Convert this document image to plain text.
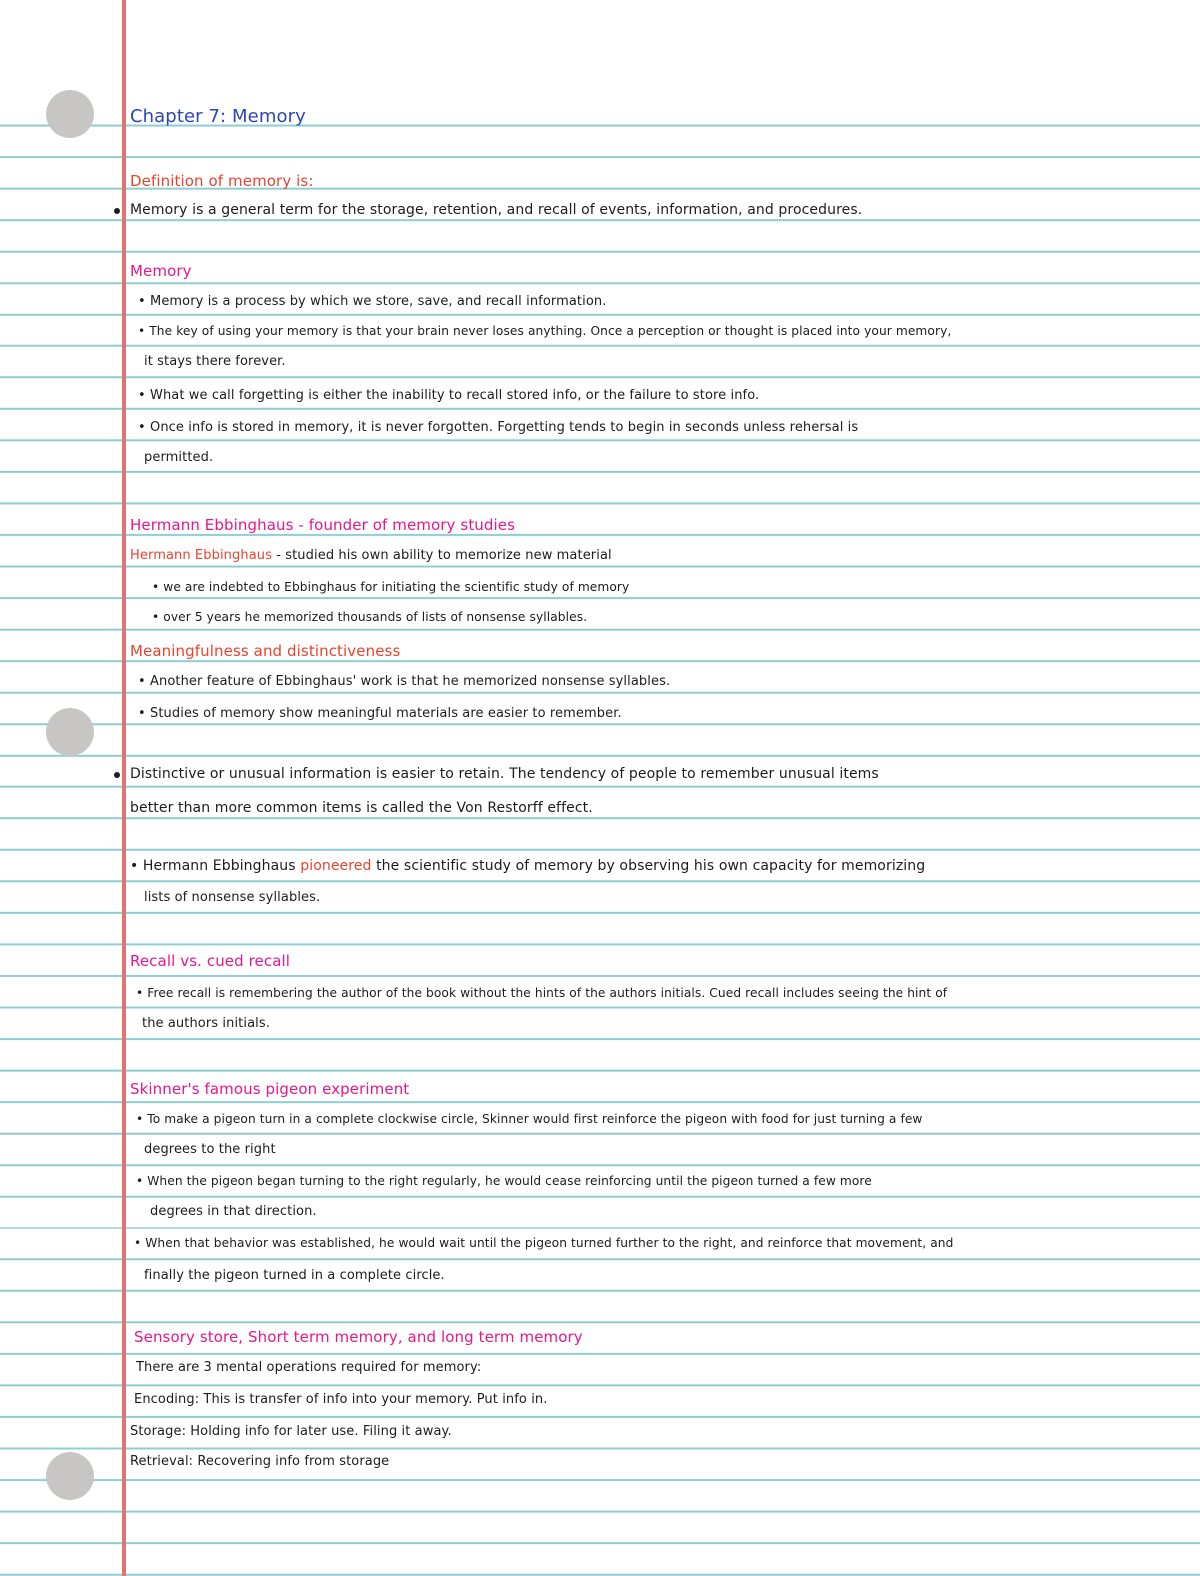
Chapter 7: Memory
Definition of memory is:
Memory is a general term for the storage, retention, and recall of events, information, and procedures.
Memory
• Memory is a process by which we store, save, and recall information.
• The key of using your memory is that your brain never loses anything. Once a perception or thought is placed into your memory,
it stays there forever.
• What we call forgetting is either the inability to recall stored info, or the failure to store info.
• Once info is stored in memory, it is never forgotten. Forgetting tends to begin in seconds unless rehersal is
permitted.
Hermann Ebbinghaus - founder of memory studies
Hermann Ebbinghaus - studied his own ability to memorize new material
• we are indebted to Ebbinghaus for initiating the scientific study of memory
• over 5 years he memorized thousands of lists of nonsense syllables.
Meaningfulness and distinctiveness
• Another feature of Ebbinghaus' work is that he memorized nonsense syllables.
• Studies of memory show meaningful materials are easier to remember.
Distinctive or unusual information is easier to retain. The tendency of people to remember unusual items
better than more common items is called the Von Restorff effect.
• Hermann Ebbinghaus pioneered the scientific study of memory by observing his own capacity for memorizing
lists of nonsense syllables.
Recall vs. cued recall
• Free recall is remembering the author of the book without the hints of the authors initials. Cued recall includes seeing the hint of
the authors initials.
Skinner's famous pigeon experiment
• To make a pigeon turn in a complete clockwise circle, Skinner would first reinforce the pigeon with food for just turning a few
degrees to the right
• When the pigeon began turning to the right regularly, he would cease reinforcing until the pigeon turned a few more
degrees in that direction.
• When that behavior was established, he would wait until the pigeon turned further to the right, and reinforce that movement, and
finally the pigeon turned in a complete circle.
Sensory store, Short term memory, and long term memory
There are 3 mental operations required for memory:
Encoding: This is transfer of info into your memory. Put info in.
Storage: Holding info for later use. Filing it away.
Retrieval: Recovering info from storage
